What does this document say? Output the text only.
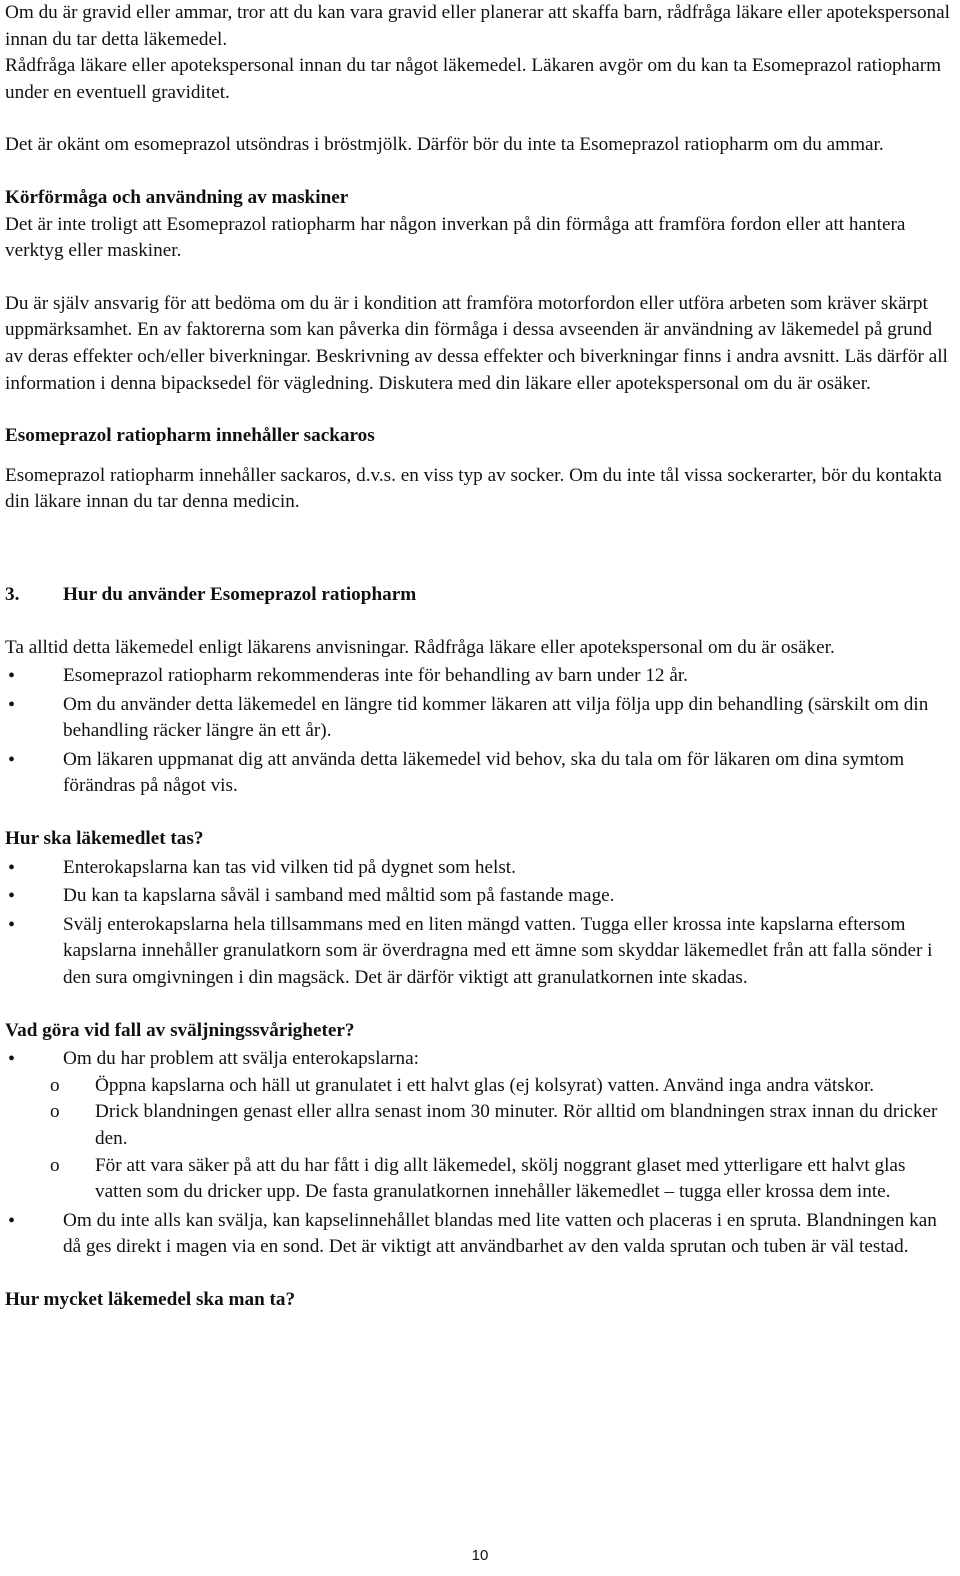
Om du är gravid eller ammar, tror att du kan vara gravid eller planerar att skaffa barn, rådfråga läkare eller apotekspersonal innan du tar detta läkemedel.

Rådfråga läkare eller apotekspersonal innan du tar något läkemedel. Läkaren avgör om du kan ta Esomeprazol ratiopharm under en eventuell graviditet.

Det är okänt om esomeprazol utsöndras i bröstmjölk. Därför bör du inte ta Esomeprazol ratiopharm om du ammar.

Körförmåga och användning av maskiner

Det är inte troligt att Esomeprazol ratiopharm har någon inverkan på din förmåga att framföra fordon eller att hantera verktyg eller maskiner.

Du är själv ansvarig för att bedöma om du är i kondition att framföra motorfordon eller utföra arbeten som kräver skärpt uppmärksamhet. En av faktorerna som kan påverka din förmåga i dessa avseenden är användning av läkemedel på grund av deras effekter och/eller biverkningar. Beskrivning av dessa effekter och biverkningar finns i andra avsnitt. Läs därför all information i denna bipacksedel för vägledning. Diskutera med din läkare eller apotekspersonal om du är osäker.

Esomeprazol ratiopharm innehåller sackaros

Esomeprazol ratiopharm innehåller sackaros, d.v.s. en viss typ av socker. Om du inte tål vissa sockerarter, bör du kontakta din läkare innan du tar denna medicin.

3. Hur du använder Esomeprazol ratiopharm

Ta alltid detta läkemedel enligt läkarens anvisningar. Rådfråga läkare eller apotekspersonal om du är osäker.

• Esomeprazol ratiopharm rekommenderas inte för behandling av barn under 12 år.
• Om du använder detta läkemedel en längre tid kommer läkaren att vilja följa upp din behandling (särskilt om din behandling räcker längre än ett år).
• Om läkaren uppmanat dig att använda detta läkemedel vid behov, ska du tala om för läkaren om dina symtom förändras på något vis.

Hur ska läkemedlet tas?

• Enterokapslarna kan tas vid vilken tid på dygnet som helst.
• Du kan ta kapslarna såväl i samband med måltid som på fastande mage.
• Svälj enterokapslarna hela tillsammans med en liten mängd vatten. Tugga eller krossa inte kapslarna eftersom kapslarna innehåller granulatkorn som är överdragna med ett ämne som skyddar läkemedlet från att falla sönder i den sura omgivningen i din magsäck. Det är därför viktigt att granulatkornen inte skadas.

Vad göra vid fall av sväljningssvårigheter?

• Om du har problem att svälja enterokapslarna:
o Öppna kapslarna och häll ut granulatet i ett halvt glas (ej kolsyrat) vatten. Använd inga andra vätskor.
o Drick blandningen genast eller allra senast inom 30 minuter. Rör alltid om blandningen strax innan du dricker den.
o För att vara säker på att du har fått i dig allt läkemedel, skölj noggrant glaset med ytterligare ett halvt glas vatten som du dricker upp. De fasta granulatkornen innehåller läkemedlet – tugga eller krossa dem inte.
• Om du inte alls kan svälja, kan kapselinnehållet blandas med lite vatten och placeras i en spruta. Blandningen kan då ges direkt i magen via en sond. Det är viktigt att användbarhet av den valda sprutan och tuben är väl testad.

Hur mycket läkemedel ska man ta?

10
